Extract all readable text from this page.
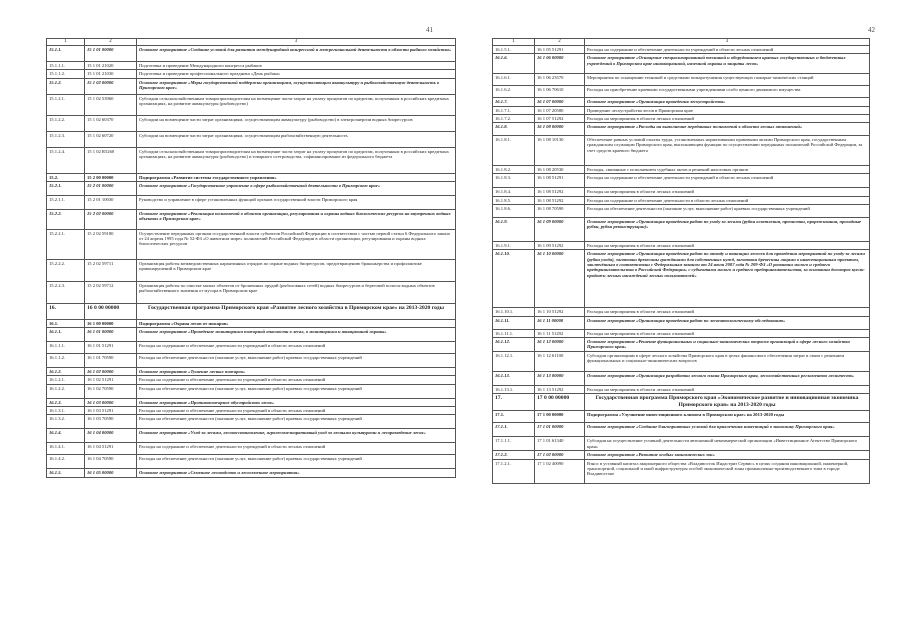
41	42
1	2	3
15.1.1.	15 1 01 00000	Основное мероприятие «Создание условий для развития международной конгрессной и межрегиональной деятельности в области рыбного хозяйства»
15.1.1.1.	15 1 01 21020	Подготовка и проведение Международного конгресса рыбаков
15.1.1.2.	15 1 01 21030	Подготовка и проведение профессионального праздника «День рыбака»
15.1.2.	15 1 02 00000	Основное мероприятие «Меры государственной поддержки организациям, осуществляющим аквакультуру и рыбохозяйственную деятельность в Приморском крае»
15.1.2.1.	15 1 02 53960	Субсидии сельскохозяйственным товаропроизводителям на возмещение части затрат на уплату процентов по кредитам, полученным в российских кредитных организациях, на развитие аквакультуры (рыбоводство)
15.1.2.2.	15 1 02 60370	Субсидии на возмещение части затрат организациям, осуществляющим аквакультуру (рыбоводство) в электроэнергии водных биоресурсов
15.1.2.3.	15 1 02 60720	Субсидии на возмещение части затрат организациям, осуществляющим рыбохозяйственную деятельность
15.1.2.4.	15 1 02 R5260	Субсидии сельскохозяйственным товаропроизводителям на возмещение части затрат на уплату процентов по кредитам, полученным в российских кредитных организациях, на развитие аквакультуры (рыбоводство) и товарного осетроводства, софинансирование из федерального бюджета
15.2.	15 2 00 00000	Подпрограмма «Развитие системы государственного управления»
15.2.1.	15 2 01 00000	Основное мероприятие «Государственное управление в сфере рыбохозяйственной деятельности в Приморском крае»
15.2.1.1.	15 2 01 10030	Руководство и управление в сфере установленных функций органов государственной власти Приморского края
15.2.2.	15 2 02 00000	Основное мероприятие «Реализация полномочий в области организации, регулирования и охраны водных биологических ресурсов на внутренних водных объектах в Приморском крае»
15.2.2.1.	15 2 02 59180	Осуществление переданных органам государственной власти субъектов Российской Федерации в соответствии с частью первой статьи 6 Федерального закона от 24 апреля 1995 года № 52-ФЗ «О животном мире» полномочий Российской Федерации в области организации, регулирования и охраны водных биологических ресурсов
15.2.2.2.	15 2 02 59711	Организация работы межведомственных карантинных отрядов по охране водных биоресурсов, предотвращению браконьерства и профилактике правонарушений в Приморском крае
15.2.2.3.	15 2 02 59712	Организация работы по очистке малых объектов от брошенных орудий (рыболовных сетей) водных биоресурсов и береговой полосы водных объектов рыбохозяйственного значения от мусора в Приморском крае
16.	16 0 00 00000	Государственная программа Приморского края «Развитие лесного хозяйства в Приморском крае» на 2013-2020 годы
16.1.	16 1 00 00000	Подпрограмма «Охрана лесов от пожаров»
16.1.1.	16 1 01 00000	Основное мероприятие «Проведение мониторинга пожарной опасности в лесах, в мониторинга и авиационной охраны»
16.1.1.1.	16 1 01 51291	Расходы на содержание и обеспечение деятельности учреждений в области лесных отношений
16.1.1.2.	16 1 01 70590	Расходы на обеспечение деятельности (оказание услуг, выполнение работ) краевых государственных учреждений
16.1.2.	16 1 02 00000	Основное мероприятие «Тушение лесных пожаров»
16.1.2.1.	16 1 02 51291	Расходы на содержание и обеспечение деятельности учреждений в области лесных отношений
16.1.2.2.	16 1 02 70590	Расходы на обеспечение деятельности (оказание услуг, выполнение работ) краевых государственных учреждений
16.1.3.	16 1 03 00000	Основное мероприятие «Противопожарное обустройство лесов»
16.1.3.1.	16 1 03 51291	Расходы на содержание и обеспечение деятельности учреждений в области лесных отношений
16.1.3.2.	16 1 03 70590	Расходы на обеспечение деятельности (оказание услуг, выполнение работ) краевых государственных учреждений
16.1.4.	16 1 04 00000	Основное мероприятие «Уход за лесами, лесовосстановление, агролесомелиоративный уход за лесными культурами и лесоразведение лесов»
16.1.4.1.	16 1 04 51291	Расходы на содержание и обеспечение деятельности учреждений в области лесных отношений
16.1.4.2.	16 1 04 70590	Расходы на обеспечение деятельности (оказание услуг, выполнение работ) краевых государственных учреждений
16.1.5.	16 1 05 00000	Основное мероприятие «Семенное лесоводство и лесосеменное мероприятия»
1	2	3
16.1.5.1.	16 1 05 51291	Расходы на содержание и обеспечение деятельности учреждений в области лесных отношений
16.1.6.	16 1 06 00000	Основное мероприятие «Оснащение специализированной техникой и оборудованием краевых государственных и бюджетных учреждений в Приморском крае инновационной, наземной охраны и защиты лесов»
16.1.6.1.	16 1 06 23570	Мероприятия по оснащению техникой и средствами пожаротушения существующих пожарно-химических станций
16.1.6.2.	16 1 06 70610	Расходы на приобретение краевыми государственными учреждениями особо ценного движимого имущества
16.1.7.	16 1 07 00000	Основное мероприятие «Организация проведения лесоустройства»
16.1.7.1.	16 1 07 20580	Проведение лесоустройства лесов в Приморском крае
16.1.7.2.	16 1 07 51292	Расходы на мероприятия в области лесных отношений
16.1.8.	16 1 08 00000	Основное мероприятие «Расходы на выполнение переданных полномочий в области лесных отношений»
16.1.8.1.	16 1 08 10130	Обеспечение равных условий оплаты труда, установленных нормативными правовыми актами Приморского края, государственным гражданским служащим Приморского края, выполняющим функции по осуществлению переданных полномочий Российской Федерации, за счет средств краевого бюджета
16.1.8.2.	16 1 08 20530	Расходы, связанные с исполнением судебных актов и решений налоговых органов
16.1.8.3.	16 1 08 51291	Расходы на содержание и обеспечение деятельности учреждений в области лесных отношений
16.1.8.4.	16 1 08 51292	Расходы на мероприятия в области лесных отношений
16.1.8.5.	16 1 08 51292	Расходы на содержание и обеспечение деятельности в области лесных отношений
16.1.8.6.	16 1 08 70590	Расходы на обеспечение деятельности (оказание услуг, выполнение работ) краевых государственных учреждений
16.1.9.	16 1 09 00000	Основное мероприятие «Организация проведения работ по уходу за лесами (рубки осветления, прочистки, прореживания, проходные рубки, рубки реконструкции)»
16.1.9.1.	16 1 09 51292	Расходы на мероприятия в области лесных отношений
16.1.10.	16 1 10 00000	Основное мероприятие «Организация проведения работ по отводу и таксации лесосек для проведения мероприятий по уходу за лесами (рубки ухода), заготовки древесины гражданами для собственных нужд, заготовки древесины лицами в инвестиционным проектам, заключённым в соответствии с Федеральным законом от 24 июля 2007 года № 209-ФЗ «О развитии малого и среднего предпринимательства в Российской Федерации» с субъектами малого и среднего предпринимательства, за основании договоров купли-продажи лесных насаждений лесных пользователей»
16.1.10.1.	16 1 10 51292	Расходы на мероприятия в области лесных отношений
16.1.11.	16 1 11 00000	Основное мероприятие «Организация проведения работ по лесопатологическому обследованию»
16.1.11.1.	16 1 11 51292	Расходы на мероприятия в области лесных отношений
16.1.12.	16 1 12 00000	Основное мероприятие «Решение функциональных и социально-экономических вопросов организаций в сфере лесного хозяйства Приморского края»
16.1.12.1.	16 1 12 61100	Субсидии организациям в сфере лесного хозяйства Приморского края в целях финансового обеспечения затрат в связи с решением функциональных и социально-экономических вопросов
16.1.13.	16 1 13 00000	Основное мероприятие «Организация разработки лесного плана Приморского края, лесохозяйственных регламентов лесничеств»
16.1.13.1.	16 1 13 51292	Расходы на мероприятия в области лесных отношений
17.	17 0 00 00000	Государственная программа Приморского края «Экономическое развитие и инновационная экономика Приморского края» на 2013-2020 годы
17.1.	17 1 00 00000	Подпрограмма «Улучшение инвестиционного климата в Приморском крае» на 2013-2020 годы
17.1.1.	17 1 01 00000	Основное мероприятие «Создание благоприятных условий для привлечения инвестиций в экономику Приморского края»
17.1.1.1.	17 1 01 61340	Субсидия на осуществление уставной деятельности автономной некоммерческой организации «Инвестиционное Агентство Приморского края»
17.1.2.	17 1 02 00000	Основное мероприятие «Развитие особых экономических зон»
17.1.2.1.	17 1 02 40090	Взнос в уставный капитал акционерного общества «Владивосток Индастриз Сервис» в целях создания инновационной, инженерной, транспортной, социальной и иной инфраструктуры особой экономической зоны промышленно-производственного типа в городе Владивостоке
